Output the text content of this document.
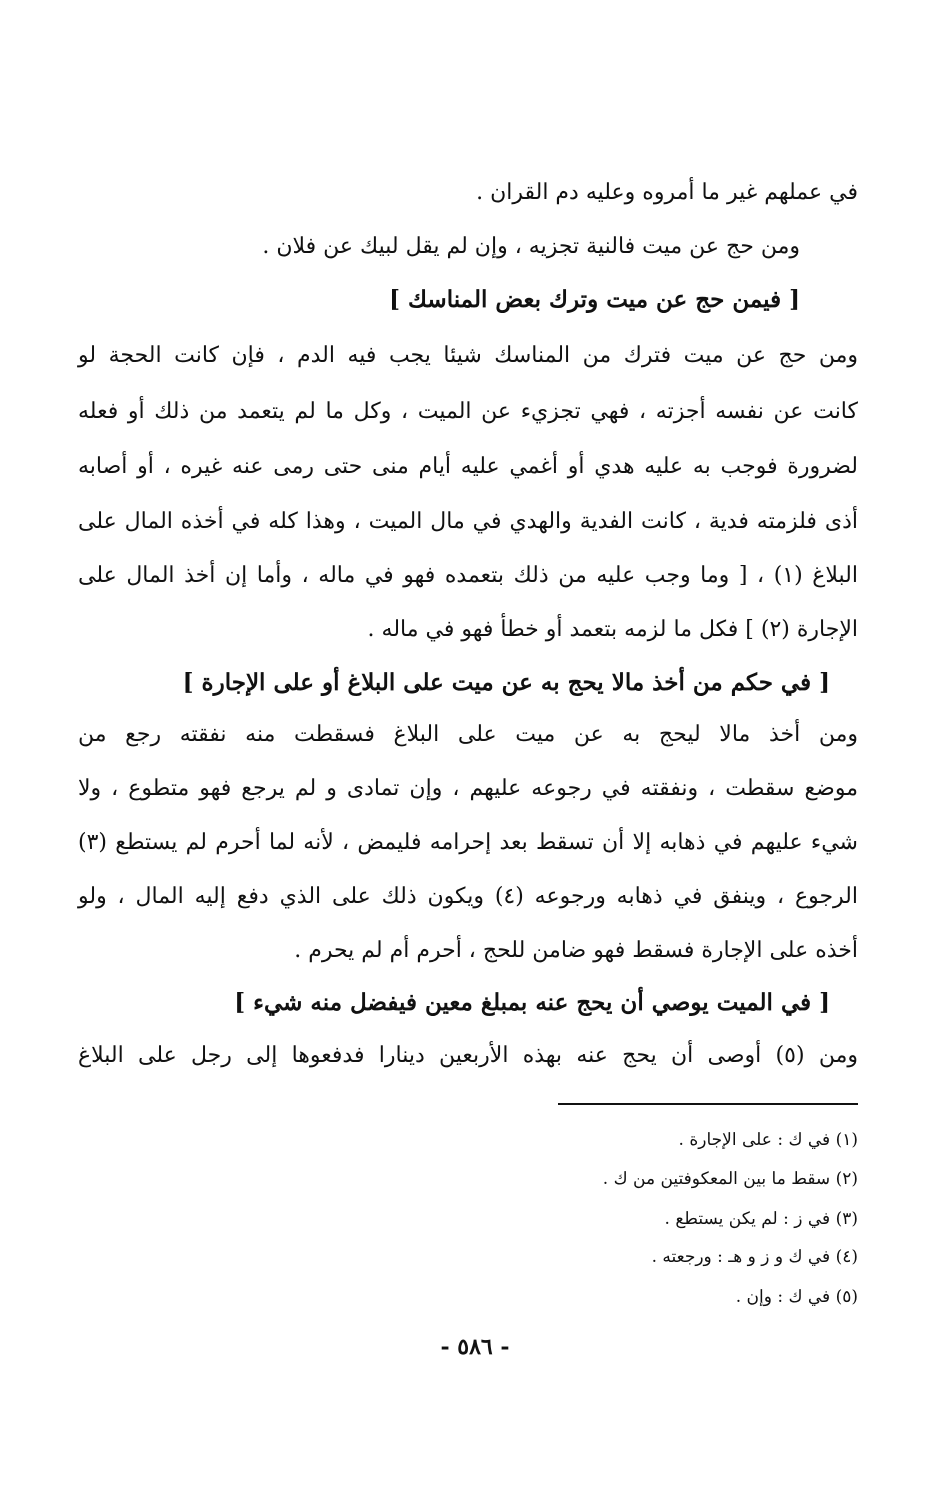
في عملهم غير ما أمروه وعليه دم القران .
ومن حج عن ميت فالنية تجزيه ، وإن لم يقل لبيك عن فلان .
[ فيمن حج عن ميت وترك بعض المناسك ]
ومن حج عن ميت فترك من المناسك شيئا يجب فيه الدم ، فإن كانت الحجة لو
كانت عن نفسه أجزته ، فهي تجزيء عن الميت ، وكل ما لم يتعمد من ذلك أو فعله
لضرورة فوجب به عليه هدي أو أغمي عليه أيام منى حتى رمى عنه غيره ، أو أصابه
أذى فلزمته فدية ، كانت الفدية والهدي في مال الميت ، وهذا كله في أخذه المال على
البلاغ (١) ، [ وما وجب عليه من ذلك بتعمده فهو في ماله ، وأما إن أخذ المال على
الإجارة (٢) ] فكل ما لزمه بتعمد أو خطأ فهو في ماله .
[ في حكم من أخذ مالا يحج به عن ميت على البلاغ أو على الإجارة ]
ومن أخذ مالا ليحج به عن ميت على البلاغ فسقطت منه نفقته رجع من
موضع سقطت ، ونفقته في رجوعه عليهم ، وإن تمادى و لم يرجع فهو متطوع ، ولا
شيء عليهم في ذهابه إلا أن تسقط بعد إحرامه فليمض ، لأنه لما أحرم لم يستطع (٣)
الرجوع ، وينفق في ذهابه ورجوعه (٤) ويكون ذلك على الذي دفع إليه المال ، ولو
أخذه على الإجارة فسقط فهو ضامن للحج ، أحرم أم لم يحرم .
[ في الميت يوصي أن يحج عنه بمبلغ معين فيفضل منه شيء ]
ومن (٥) أوصى أن يحج عنه بهذه الأربعين دينارا فدفعوها إلى رجل على البلاغ
(١) في ك : على الإجارة .
(٢) سقط ما بين المعكوفتين من ك .
(٣) في ز : لم يكن يستطع .
(٤) في ك و ز و هـ : ورجعته .
(٥) في ك : وإن .
- ٥٨٦ -
